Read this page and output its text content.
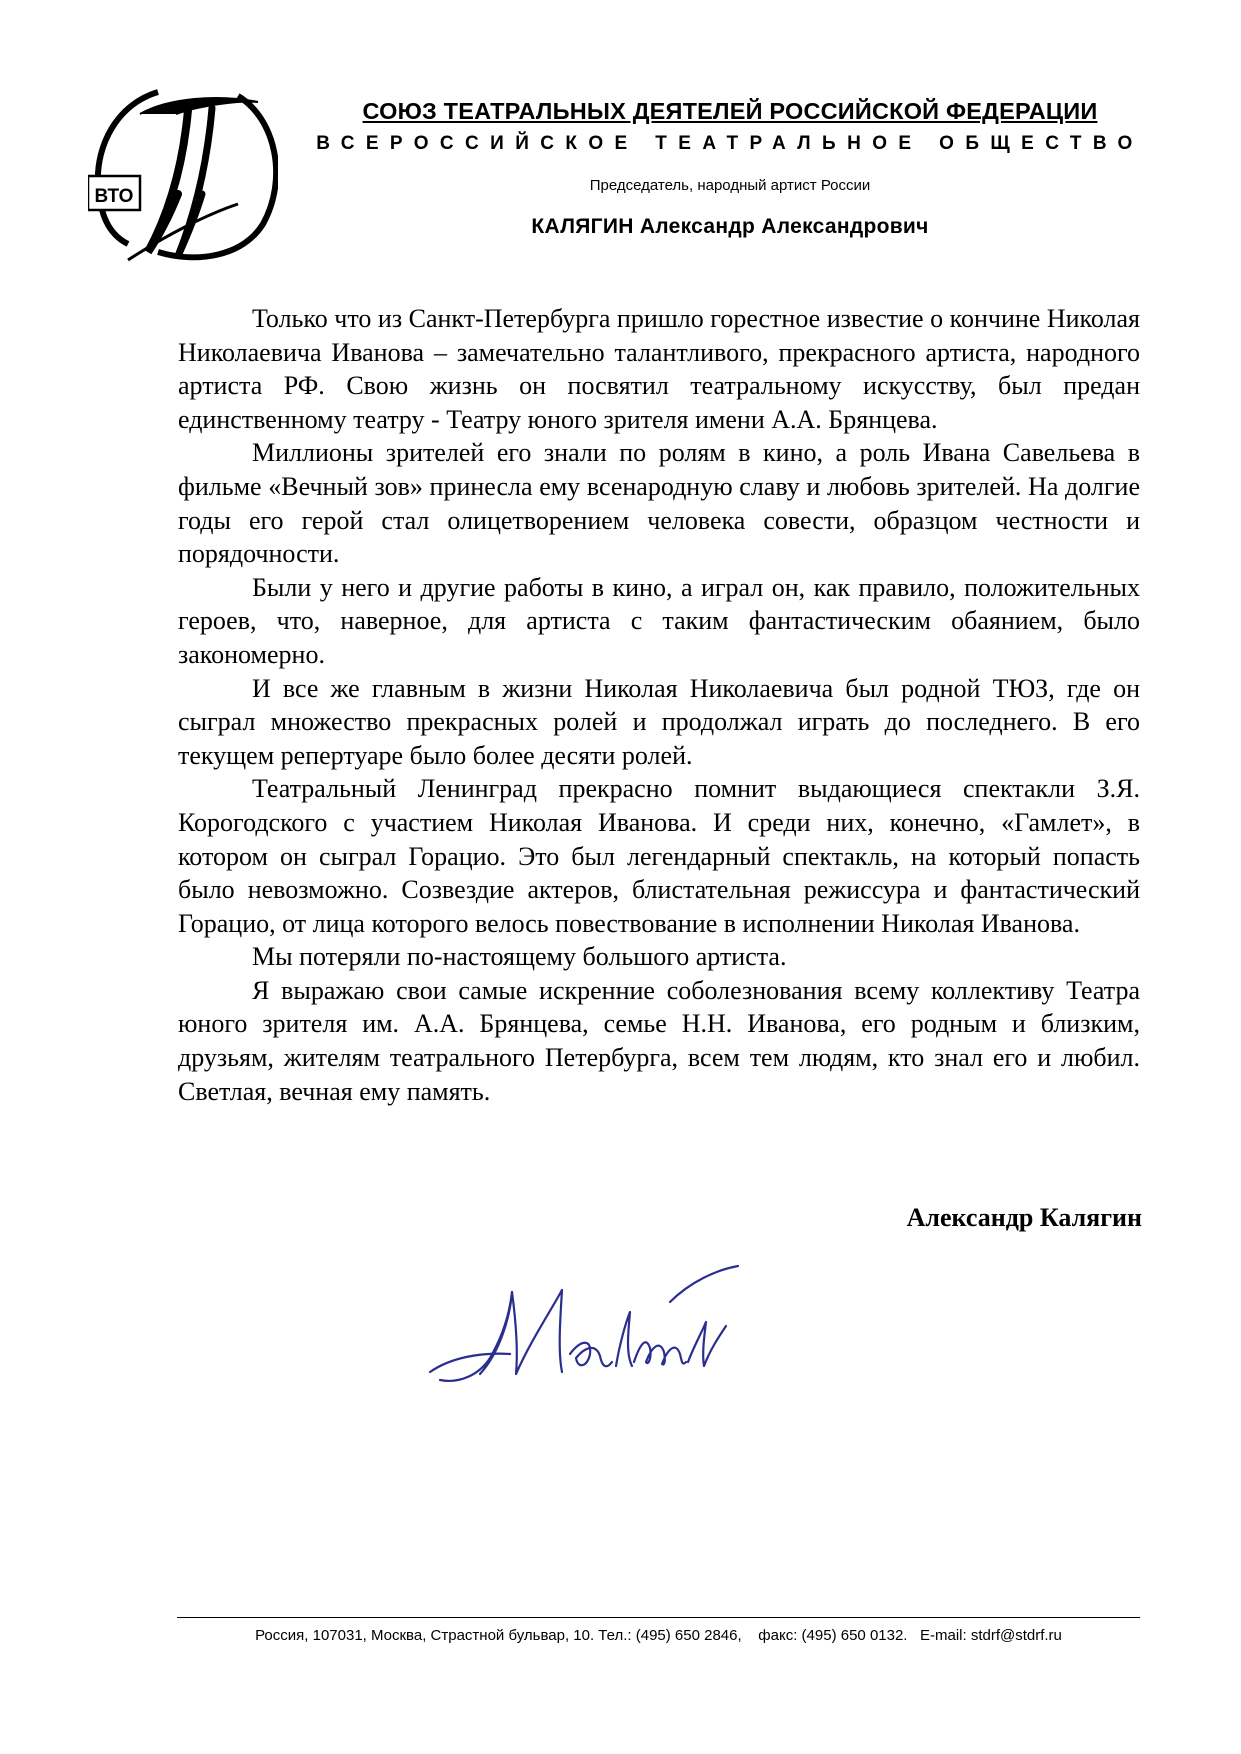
ВТО
СОЮЗ ТЕАТРАЛЬНЫХ ДЕЯТЕЛЕЙ РОССИЙСКОЙ ФЕДЕРАЦИИ
ВСЕРОССИЙСКОЕ ТЕАТРАЛЬНОЕ ОБЩЕСТВО
Председатель, народный артист России
КАЛЯГИН Александр Александрович

Только что из Санкт-Петербурга пришло горестное известие о кончине Николая Николаевича Иванова – замечательно талантливого, прекрасного артиста, народного артиста РФ. Свою жизнь он посвятил театральному искусству, был предан единственному театру - Театру юного зрителя имени А.А. Брянцева.

Миллионы зрителей его знали по ролям в кино, а роль Ивана Савельева в фильме «Вечный зов» принесла ему всенародную славу и любовь зрителей. На долгие годы его герой стал олицетворением человека совести, образцом честности и порядочности.

Были у него и другие работы в кино, а играл он, как правило, положительных героев, что, наверное, для артиста с таким фантастическим обаянием, было закономерно.

И все же главным в жизни Николая Николаевича был родной ТЮЗ, где он сыграл множество прекрасных ролей и продолжал играть до последнего. В его текущем репертуаре было более десяти ролей.

Театральный Ленинград прекрасно помнит выдающиеся спектакли З.Я. Корогодского с участием Николая Иванова. И среди них, конечно, «Гамлет», в котором он сыграл Горацио. Это был легендарный спектакль, на который попасть было невозможно. Созвездие актеров, блистательная режиссура и фантастический Горацио, от лица которого велось повествование в исполнении Николая Иванова.

Мы потеряли по-настоящему большого артиста.

Я выражаю свои самые искренние соболезнования всему коллективу Театра юного зрителя им. А.А. Брянцева, семье Н.Н. Иванова, его родным и близким, друзьям, жителям театрального Петербурга, всем тем людям, кто знал его и любил. Светлая, вечная ему память.

Александр Калягин
Россия, 107031, Москва, Страстной бульвар, 10. Тел.: (495) 650 2846,    факс: (495) 650 0132.   E-mail: stdrf@stdrf.ru
